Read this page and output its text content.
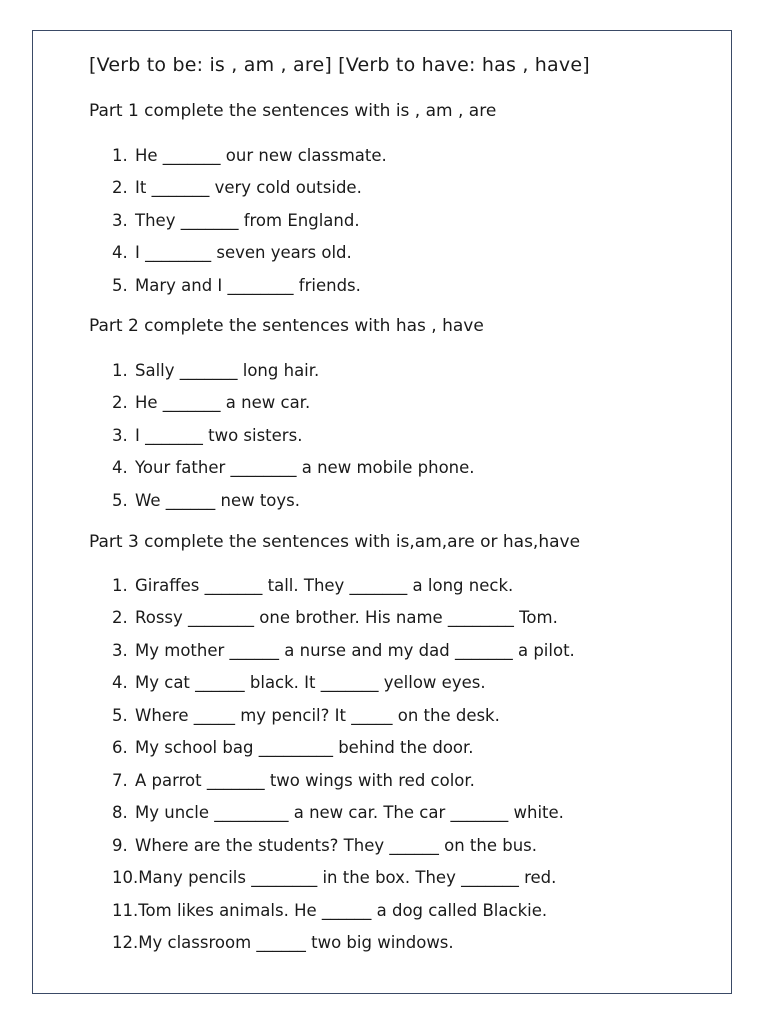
[Verb to be: is , am , are] [Verb to have: has , have]
Part 1 complete the sentences with is , am , are
1. He _______ our new classmate.
2. It _______ very cold outside.
3. They _______ from England.
4. I ________ seven years old.
5. Mary and I ________ friends.
Part 2 complete the sentences with has , have
1. Sally _______ long hair.
2. He _______ a new car.
3. I _______ two sisters.
4. Your father ________ a new mobile phone.
5. We ______ new toys.
Part 3 complete the sentences with is,am,are or has,have
1. Giraffes _______ tall. They _______ a long neck.
2. Rossy ________ one brother. His name ________ Tom.
3. My mother ______ a nurse and my dad _______ a pilot.
4. My cat ______ black. It _______ yellow eyes.
5. Where _____ my pencil? It _____ on the desk.
6. My school bag _________ behind the door.
7. A parrot _______ two wings with red color.
8. My uncle _________ a new car. The car _______ white.
9. Where are the students? They ______ on the bus.
10. Many pencils ________ in the box. They _______ red.
11. Tom likes animals. He ______ a dog called Blackie.
12. My classroom ______ two big windows.
